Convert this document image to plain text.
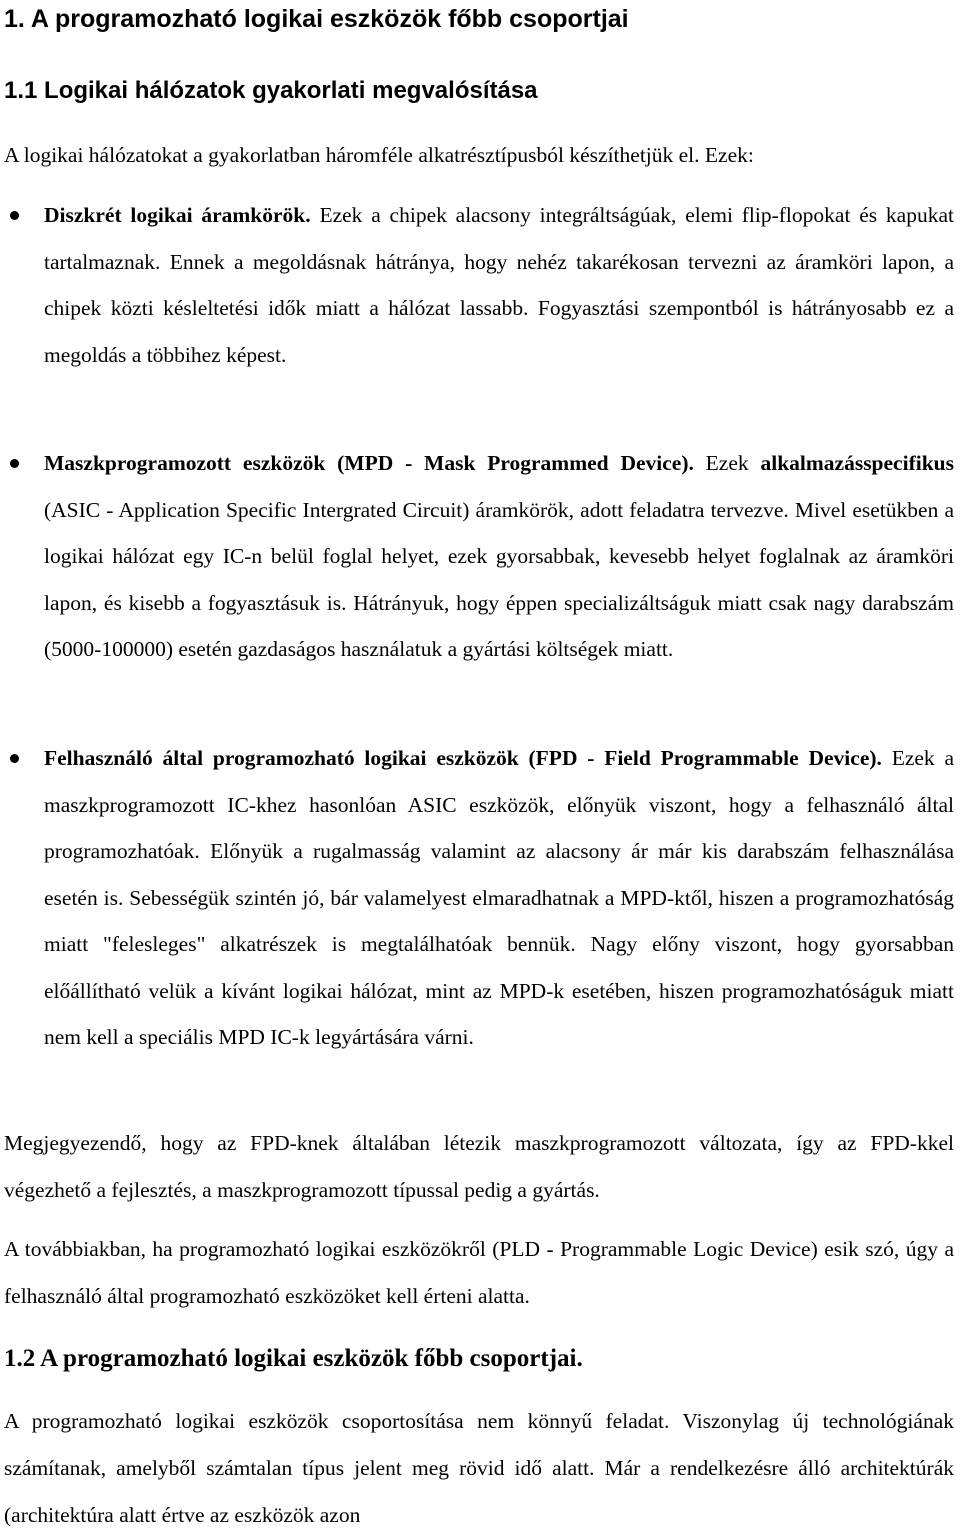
1. A programozható logikai eszközök főbb csoportjai
1.1 Logikai hálózatok gyakorlati megvalósítása
A logikai hálózatokat a gyakorlatban háromféle alkatrésztípusból készíthetjük el. Ezek:
Diszkrét logikai áramkörök. Ezek a chipek alacsony integráltságúak, elemi flip-flopokat és kapukat tartalmaznak. Ennek a megoldásnak hátránya, hogy nehéz takarékosan tervezni az áramköri lapon, a chipek közti késleltetési idők miatt a hálózat lassabb. Fogyasztási szempontból is hátrányosabb ez a megoldás a többihez képest.
Maszkprogramozott eszközök (MPD - Mask Programmed Device). Ezek alkalmazásspecifikus (ASIC - Application Specific Intergrated Circuit) áramkörök, adott feladatra tervezve. Mivel esetükben a logikai hálózat egy IC-n belül foglal helyet, ezek gyorsabbak, kevesebb helyet foglalnak az áramköri lapon, és kisebb a fogyasztásuk is. Hátrányuk, hogy éppen specializáltságuk miatt csak nagy darabszám (5000-100000) esetén gazdaságos használatuk a gyártási költségek miatt.
Felhasználó által programozható logikai eszközök (FPD - Field Programmable Device). Ezek a maszkprogramozott IC-khez hasonlóan ASIC eszközök, előnyük viszont, hogy a felhasználó által programozhatóak. Előnyük a rugalmasság valamint az alacsony ár már kis darabszám felhasználása esetén is. Sebességük szintén jó, bár valamelyest elmaradhatnak a MPD-ktől, hiszen a programozhatóság miatt "felesleges" alkatrészek is megtalálhatóak bennük. Nagy előny viszont, hogy gyorsabban előállítható velük a kívánt logikai hálózat, mint az MPD-k esetében, hiszen programozhatóságuk miatt nem kell a speciális MPD IC-k legyártására várni.
Megjegyezendő, hogy az FPD-knek általában létezik maszkprogramozott változata, így az FPD-kkel végezhető a fejlesztés, a maszkprogramozott típussal pedig a gyártás.
A továbbiakban, ha programozható logikai eszközökről (PLD - Programmable Logic Device) esik szó, úgy a felhasználó által programozható eszközöket kell érteni alatta.
1.2 A programozható logikai eszközök főbb csoportjai.
A programozható logikai eszközök csoportosítása nem könnyű feladat. Viszonylag új technológiának számítanak, amelyből számtalan típus jelent meg rövid idő alatt. Már a rendelkezésre álló architektúrák (architektúra alatt értve az eszközök azon
